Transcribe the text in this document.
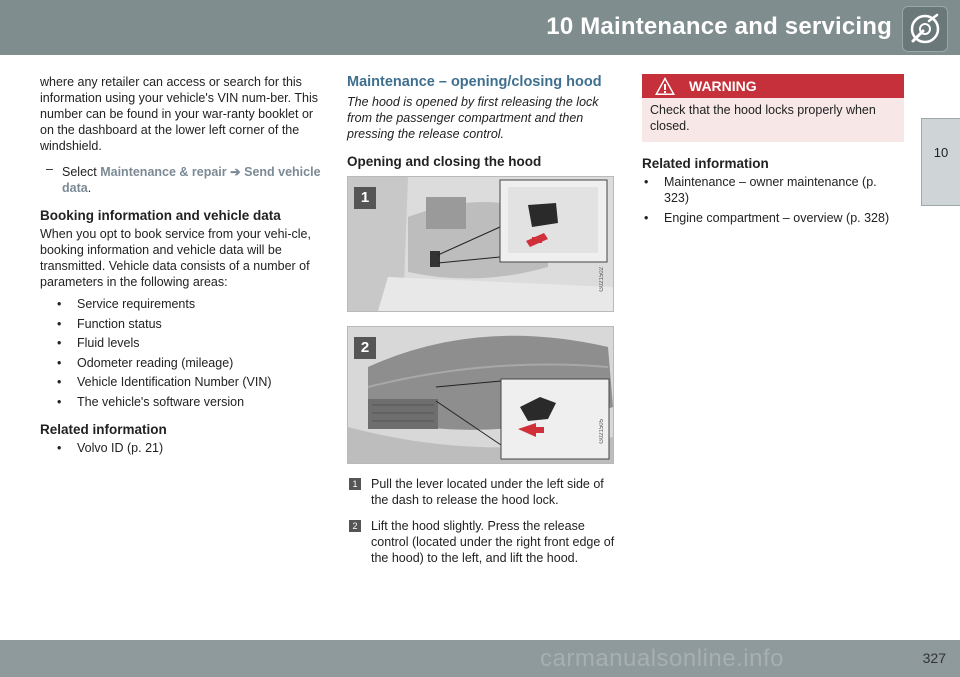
10 Maintenance and servicing
10

where any retailer can access or search for this information using your vehicle's VIN num-ber. This number can be found in your war-ranty booklet or on the dashboard at the lower left corner of the windshield.

– Select Maintenance & repair ➔ Send vehicle data.
Booking information and vehicle data

When you opt to book service from your vehi-cle, booking information and vehicle data will be transmitted. Vehicle data consists of a number of parameters in the following areas:

• Service requirements
• Function status
• Fluid levels
• Odometer reading (mileage)
• Vehicle Identification Number (VIN)
• The vehicle's software version
Related information
• Volvo ID (p. 21)
Maintenance – opening/closing hood

The hood is opened by first releasing the lock from the passenger compartment and then pressing the release control.

Opening and closing the hood
1
G021502
2
G021505
1 Pull the lever located under the left side of the dash to release the hood lock.
2 Lift the hood slightly. Press the release control (located under the right front edge of the hood) to the left, and lift the hood.
WARNING
Check that the hood locks properly when closed.
Related information
• Maintenance – owner maintenance (p. 323)
• Engine compartment – overview (p. 328)
carmanualsonline.info	327
